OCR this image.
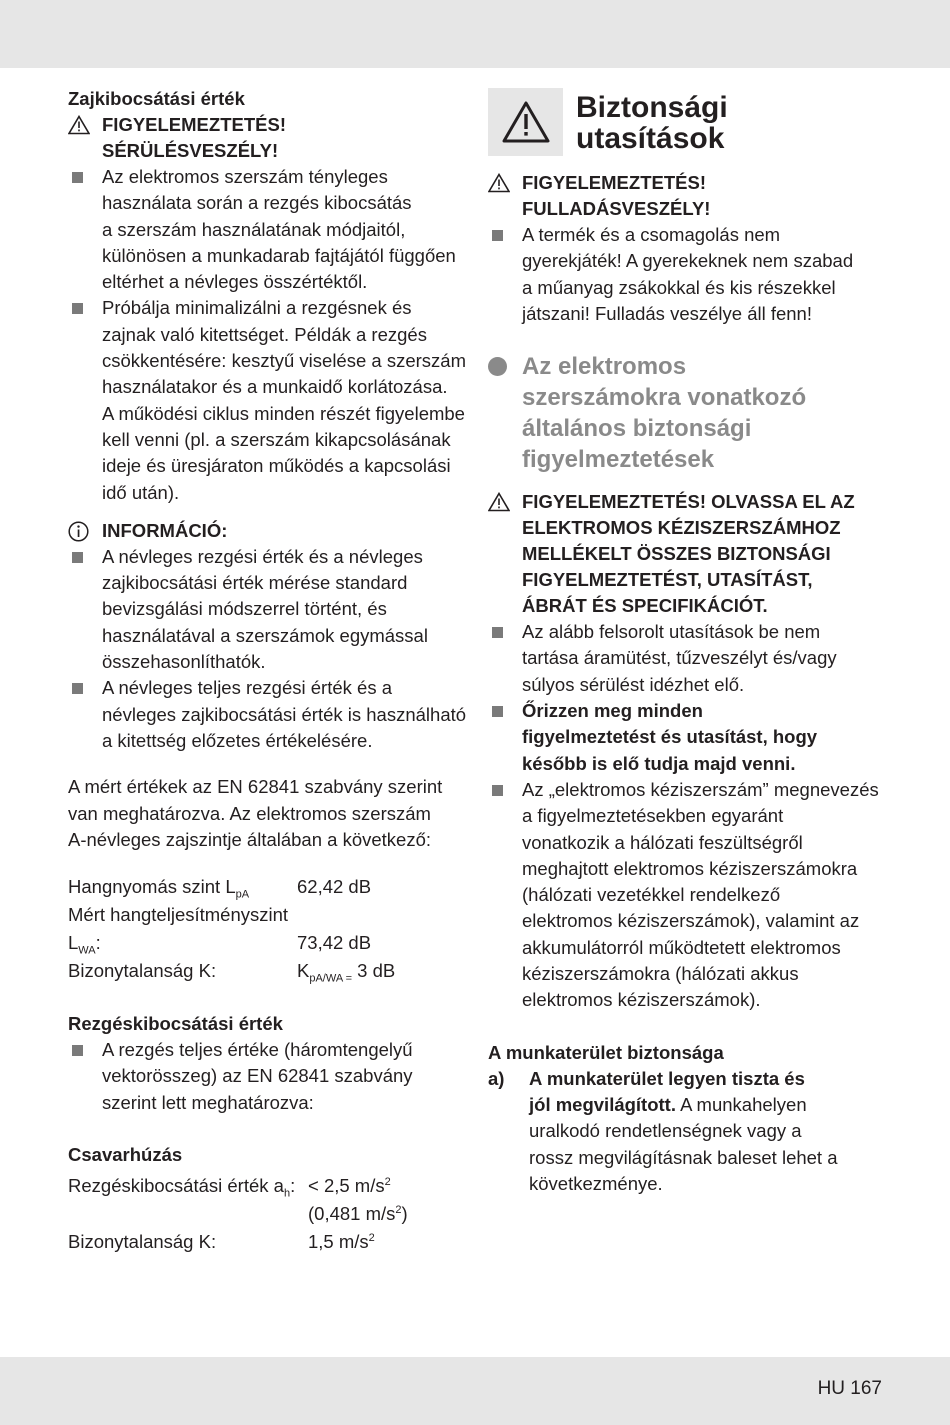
Zajkibocsátási érték
FIGYELEMEZTETÉS!
SÉRÜLÉSVESZÉLY!
Az elektromos szerszám tényleges
használata során a rezgés kibocsátás
a szerszám használatának módjaitól,
különösen a munkadarab fajtájától függően
eltérhet a névleges összértéktől.
Próbálja minimalizálni a rezgésnek és
zajnak való kitettséget. Példák a rezgés
csökkentésére: kesztyű viselése a szerszám
használatakor és a munkaidő korlátozása.
A működési ciklus minden részét figyelembe
kell venni (pl. a szerszám kikapcsolásának
ideje és üresjáraton működés a kapcsolási
idő után).
INFORMÁCIÓ:
A névleges rezgési érték és a névleges
zajkibocsátási érték mérése standard
bevizsgálási módszerrel történt, és
használatával a szerszámok egymással
összehasonlíthatók.
A névleges teljes rezgési érték és a
névleges zajkibocsátási érték is használható
a kitettség előzetes értékelésére.
A mért értékek az EN 62841 szabvány szerint
van meghatározva. Az elektromos szerszám
A-névleges zajszintje általában a következő:
Hangnyomás szint $L_{pA}$	62,42 dB
Mért hangteljesítményszint	
$L_{WA}$:	73,42 dB
Bizonytalanság K:	$K_{pA/WA =}$ 3 dB
Rezgéskibocsátási érték
A rezgés teljes értéke (háromtengelyű
vektorösszeg) az EN 62841 szabvány
szerint lett meghatározva:
Csavarhúzás
Rezgéskibocsátási érték $a_h$:	< 2,5 $m/s^2$
	(0,481 $m/s^2$)
Bizonytalanság K:	1,5 $m/s^2$
Biztonsági
utasítások
FIGYELEMEZTETÉS!
FULLADÁSVESZÉLY!
A termék és a csomagolás nem
gyerekjáték! A gyerekeknek nem szabad
a műanyag zsákokkal és kis részekkel
játszani! Fulladás veszélye áll fenn!
Az elektromos
szerszámokra vonatkozó
általános biztonsági
figyelmeztetések
FIGYELEMEZTETÉS! OLVASSA EL AZ
ELEKTROMOS KÉZISZERSZÁMHOZ
MELLÉKELT ÖSSZES BIZTONSÁGI
FIGYELMEZTETÉST, UTASÍTÁST,
ÁBRÁT ÉS SPECIFIKÁCIÓT.
Az alább felsorolt utasítások be nem
tartása áramütést, tűzveszélyt és/vagy
súlyos sérülést idézhet elő.
Őrizzen meg minden
figyelmeztetést és utasítást, hogy
később is elő tudja majd venni.
Az „elektromos kéziszerszám” megnevezés
a figyelmeztetésekben egyaránt
vonatkozik a hálózati feszültségről
meghajtott elektromos kéziszerszámokra
(hálózati vezetékkel rendelkező
elektromos kéziszerszámok), valamint az
akkumulátorról működtetett elektromos
kéziszerszámokra (hálózati akkus
elektromos kéziszerszámok).
A munkaterület biztonsága
a)	A munkaterület legyen tiszta és
jól megvilágított. A munkahelyen
uralkodó rendetlenségnek vagy a
rossz megvilágításnak baleset lehet a
következménye.
HU 167
